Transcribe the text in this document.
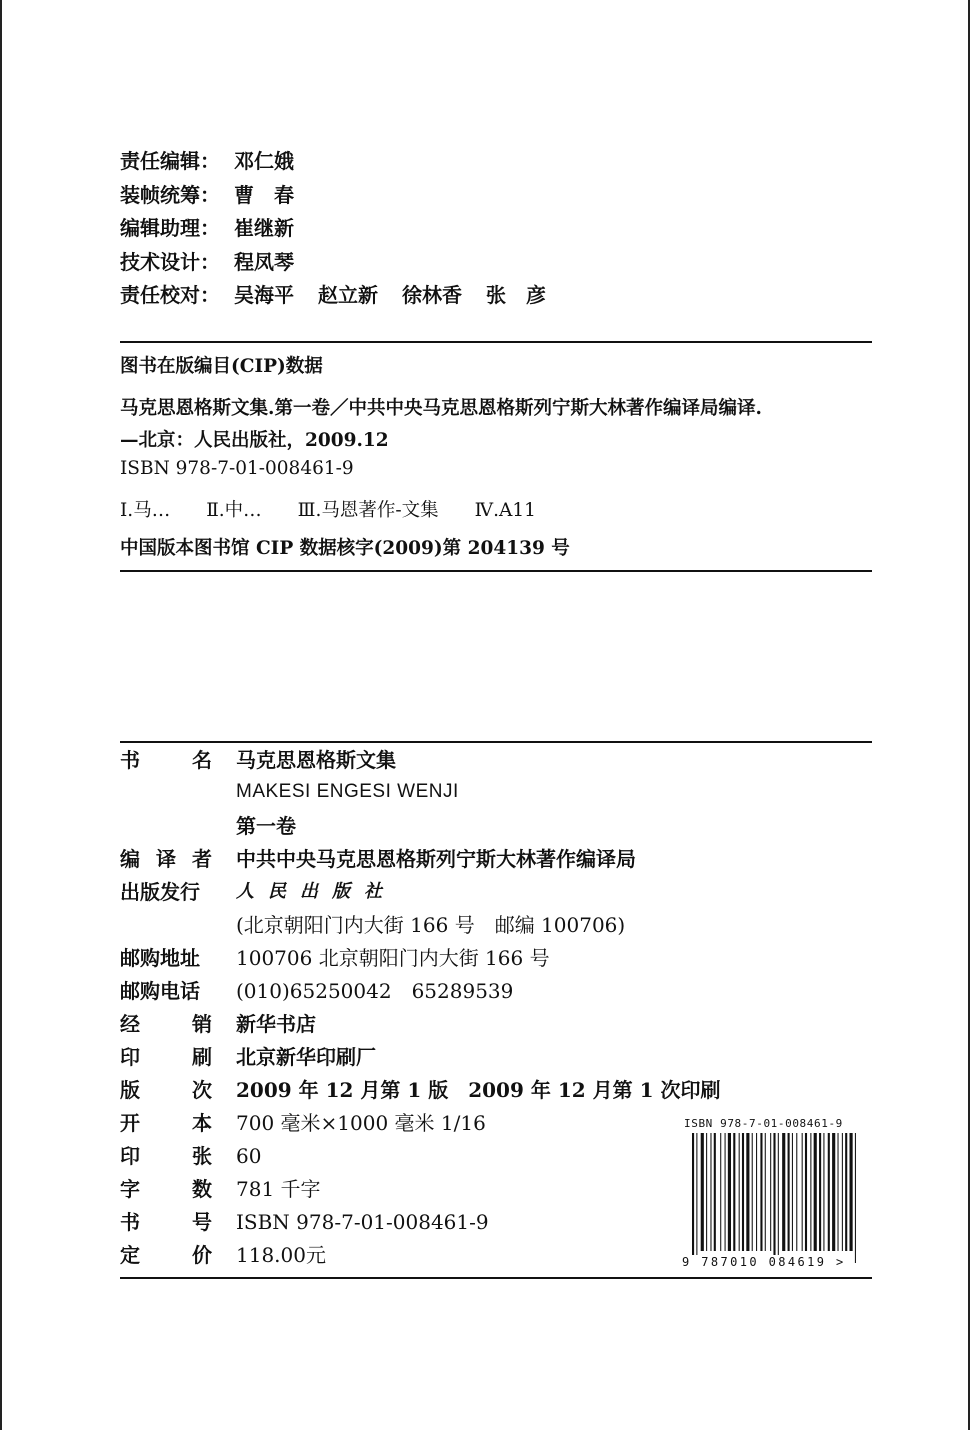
责任编辑： 邓仁娥
装帧统筹： 曹　春
编辑助理： 崔继新
技术设计： 程凤琴
责任校对： 吴海平 赵立新 徐林香 张　彦
图书在版编目(CIP)数据
马克思恩格斯文集.第一卷／中共中央马克思恩格斯列宁斯大林著作编译局编译.
—北京：人民出版社，2009.12
ISBN 978-7-01-008461-9
Ⅰ.马… Ⅱ.中… Ⅲ.马恩著作-文集 Ⅳ.A11
中国版本图书馆 CIP 数据核字(2009)第 204139 号
书	名 马克思恩格斯文集
MAKESI ENGESI WENJI
第一卷
编 译 者 中共中央马克思恩格斯列宁斯大林著作编译局
出版发行	人民出版社
(北京朝阳门内大街 166 号　邮编 100706)
邮购地址	100706 北京朝阳门内大街 166 号
邮购电话	(010)65250042　65289539
经	销 新华书店
印	刷 北京新华印刷厂
版	次 2009 年 12 月第 1 版　2009 年 12 月第 1 次印刷
开	本 700 毫米×1000 毫米 1/16
印	张 60
字	数 781 千字
书	号 ISBN 978-7-01-008461-9
定	价 118.00元
ISBN 978-7-01-008461-9
9 787010 084619 >
